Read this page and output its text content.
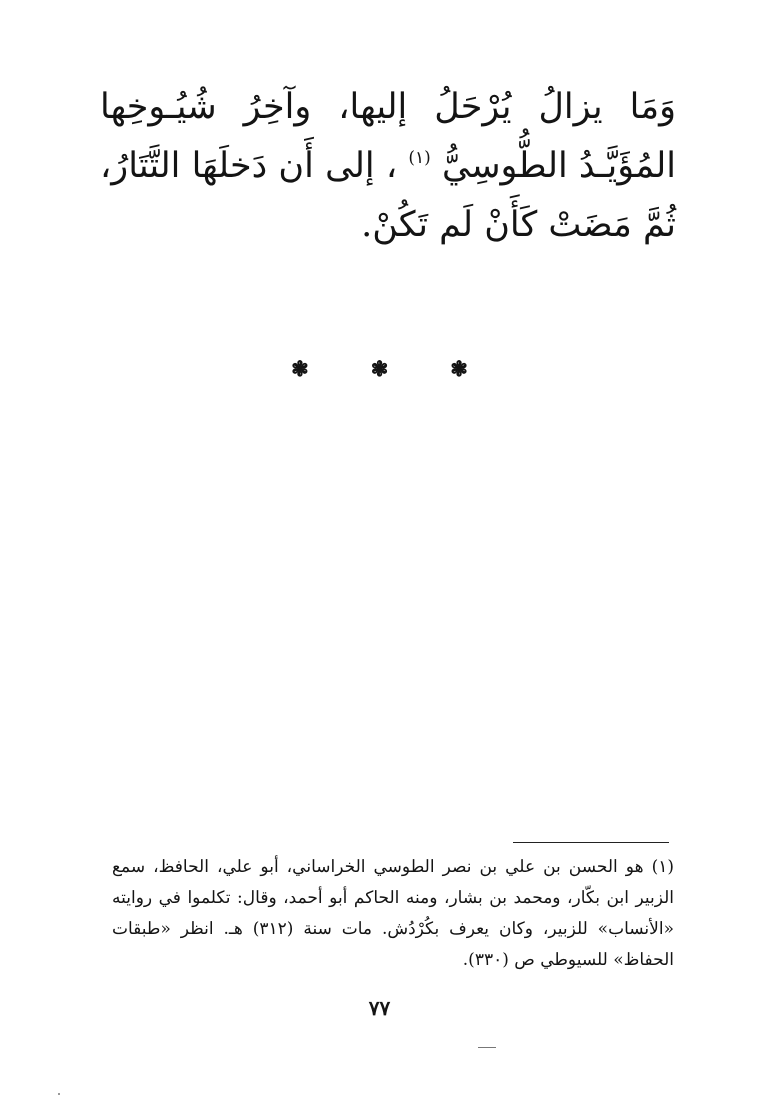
وَمَا يزالُ يُرْحَلُ إليها، وآخِرُ شُيُـوخِها المُؤَيَّـدُ الطُّوسِيُّ $^{(١)}$ ، إلى أَن دَخلَهَا التَّتَارُ، ثُمَّ مَضَتْ كَأَنْ لَم تَكُنْ.

❃	❃	❃

(١) هو الحسن بن علي بن نصر الطوسي الخراساني، أبو علي، الحافظ، سمع الزبير ابن بكّار، ومحمد بن بشار، ومنه الحاكم أبو أحمد، وقال: تكلموا في روايته «الأنساب» للزبير، وكان يعرف بكُرْدُش. مات سنة (٣١٢) هـ. انظر «طبقات الحفاظ» للسيوطي ص (٣٣٠).

٧٧
